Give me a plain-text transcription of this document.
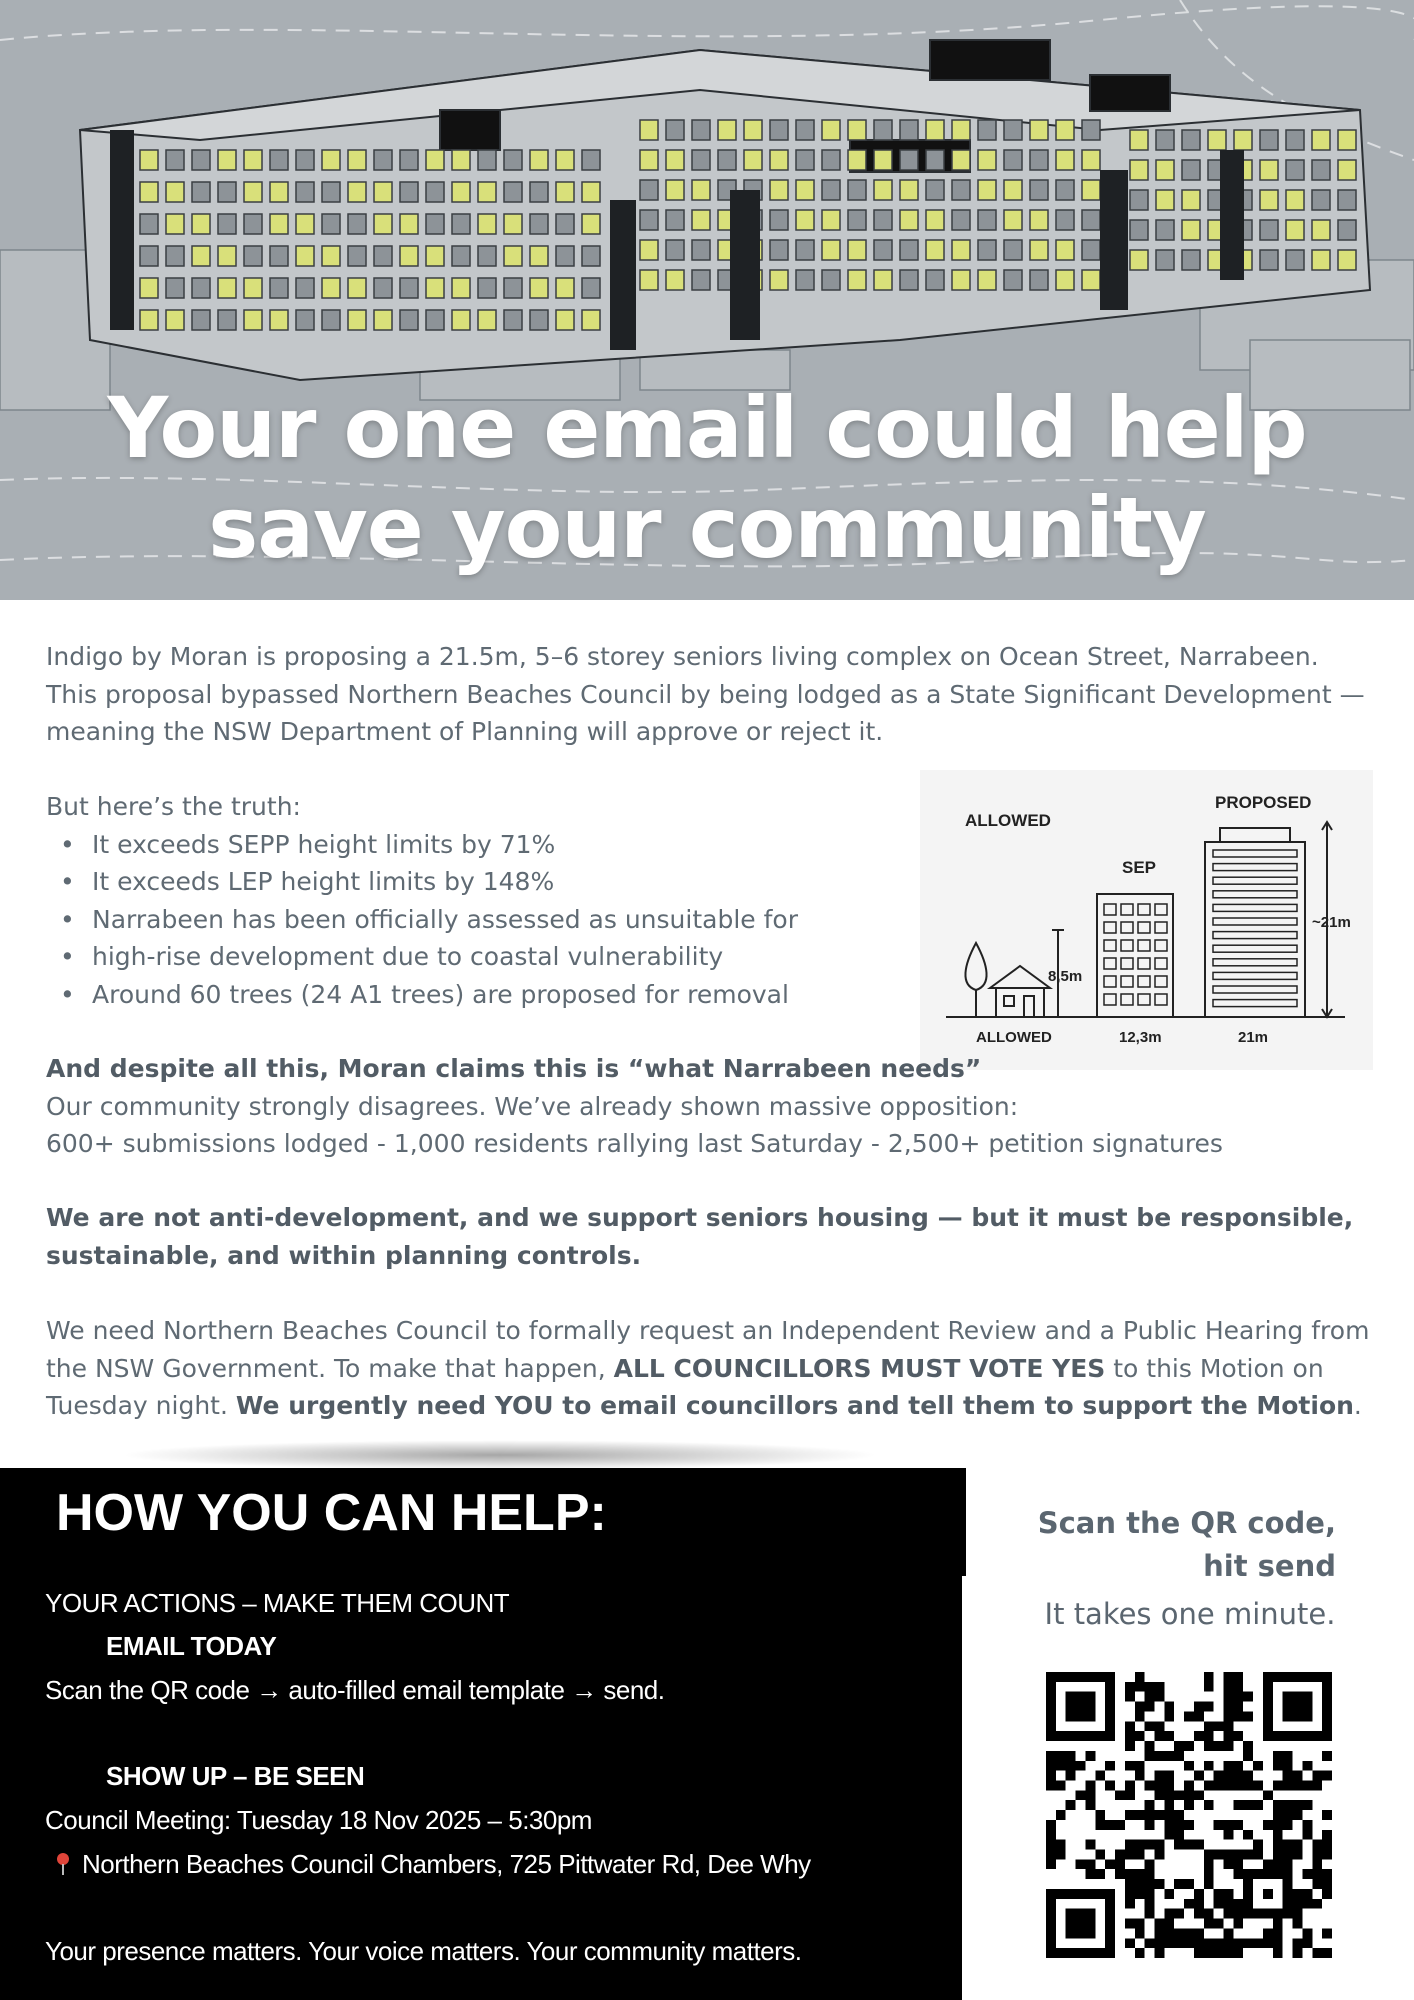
Your one email could help
save your community

Indigo by Moran is proposing a 21.5m, 5–6 storey seniors living complex on Ocean Street, Narrabeen.

This proposal bypassed Northern Beaches Council by being lodged as a State Significant Development —

meaning the NSW Department of Planning will approve or reject it.

But here’s the truth:

• It exceeds SEPP height limits by 71%
• It exceeds LEP height limits by 148%
• Narrabeen has been officially assessed as unsuitable for
• high-rise development due to coastal vulnerability
• Around 60 trees (24 A1 trees) are proposed for removal
ALLOWED
SEP
PROPOSED
8,5m
~21m
ALLOWED	12,3m	21m

And despite all this, Moran claims this is “what Narrabeen needs”

Our community strongly disagrees. We’ve already shown massive opposition:

600+ submissions lodged - 1,000 residents rallying last Saturday - 2,500+ petition signatures

We are not anti-development, and we support seniors housing — but it must be responsible,

sustainable, and within planning controls.

We need Northern Beaches Council to formally request an Independent Review and a Public Hearing from

the NSW Government. To make that happen, ALL COUNCILLORS MUST VOTE YES to this Motion on

Tuesday night. We urgently need YOU to email councillors and tell them to support the Motion.

HOW YOU CAN HELP:
YOUR ACTIONS – MAKE THEM COUNT
EMAIL TODAY
Scan the QR code → auto-filled email template → send.
SHOW UP – BE SEEN
Council Meeting: Tuesday 18 Nov 2025 – 5:30pm
Northern Beaches Council Chambers, 725 Pittwater Rd, Dee Why
Your presence matters. Your voice matters. Your community matters.
Scan the QR code,
hit send
It takes one minute.
